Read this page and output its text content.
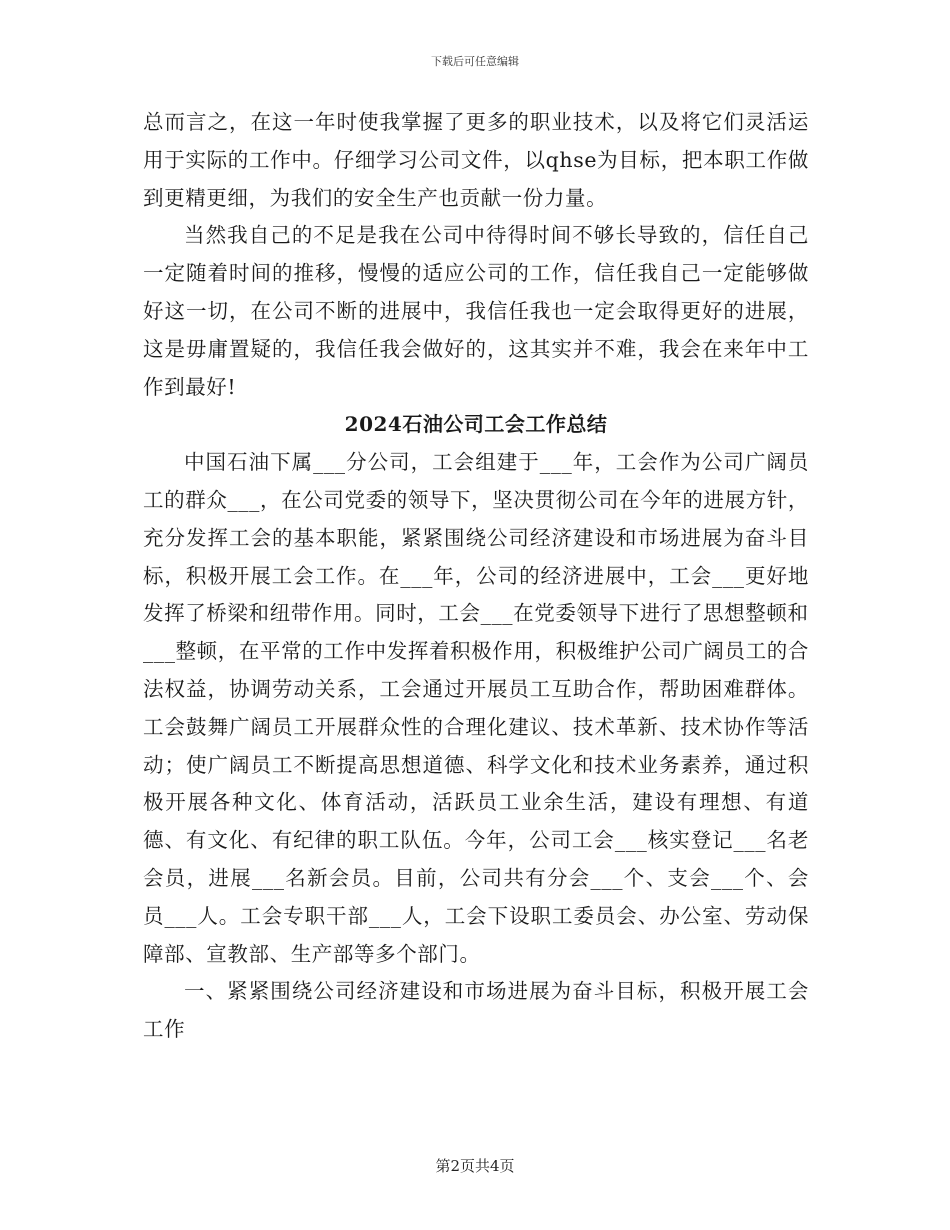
下载后可任意编辑

总而言之，在这一年时使我掌握了更多的职业技术，以及将它们灵活运用于实际的工作中。仔细学习公司文件，以qhse为目标，把本职工作做到更精更细，为我们的安全生产也贡献一份力量。

当然我自己的不足是我在公司中待得时间不够长导致的，信任自己一定随着时间的推移，慢慢的适应公司的工作，信任我自己一定能够做好这一切，在公司不断的进展中，我信任我也一定会取得更好的进展，这是毋庸置疑的，我信任我会做好的，这其实并不难，我会在来年中工作到最好!

2024石油公司工会工作总结

中国石油下属___分公司，工会组建于___年，工会作为公司广阔员工的群众___，在公司党委的领导下，坚决贯彻公司在今年的进展方针，充分发挥工会的基本职能，紧紧围绕公司经济建设和市场进展为奋斗目标，积极开展工会工作。在___年，公司的经济进展中，工会___更好地发挥了桥梁和纽带作用。同时，工会___在党委领导下进行了思想整顿和

___整顿，在平常的工作中发挥着积极作用，积极维护公司广阔员工的合法权益，协调劳动关系，工会通过开展员工互助合作，帮助困难群体。工会鼓舞广阔员工开展群众性的合理化建议、技术革新、技术协作等活动；使广阔员工不断提高思想道德、科学文化和技术业务素养，通过积极开展各种文化、体育活动，活跃员工业余生活，建设有理想、有道德、有文化、有纪律的职工队伍。今年，公司工会___核实登记___名老会员，进展___名新会员。目前，公司共有分会___个、支会___个、会员___人。工会专职干部___人，工会下设职工委员会、办公室、劳动保障部、宣教部、生产部等多个部门。

一、紧紧围绕公司经济建设和市场进展为奋斗目标，积极开展工会工作

第2页共4页
